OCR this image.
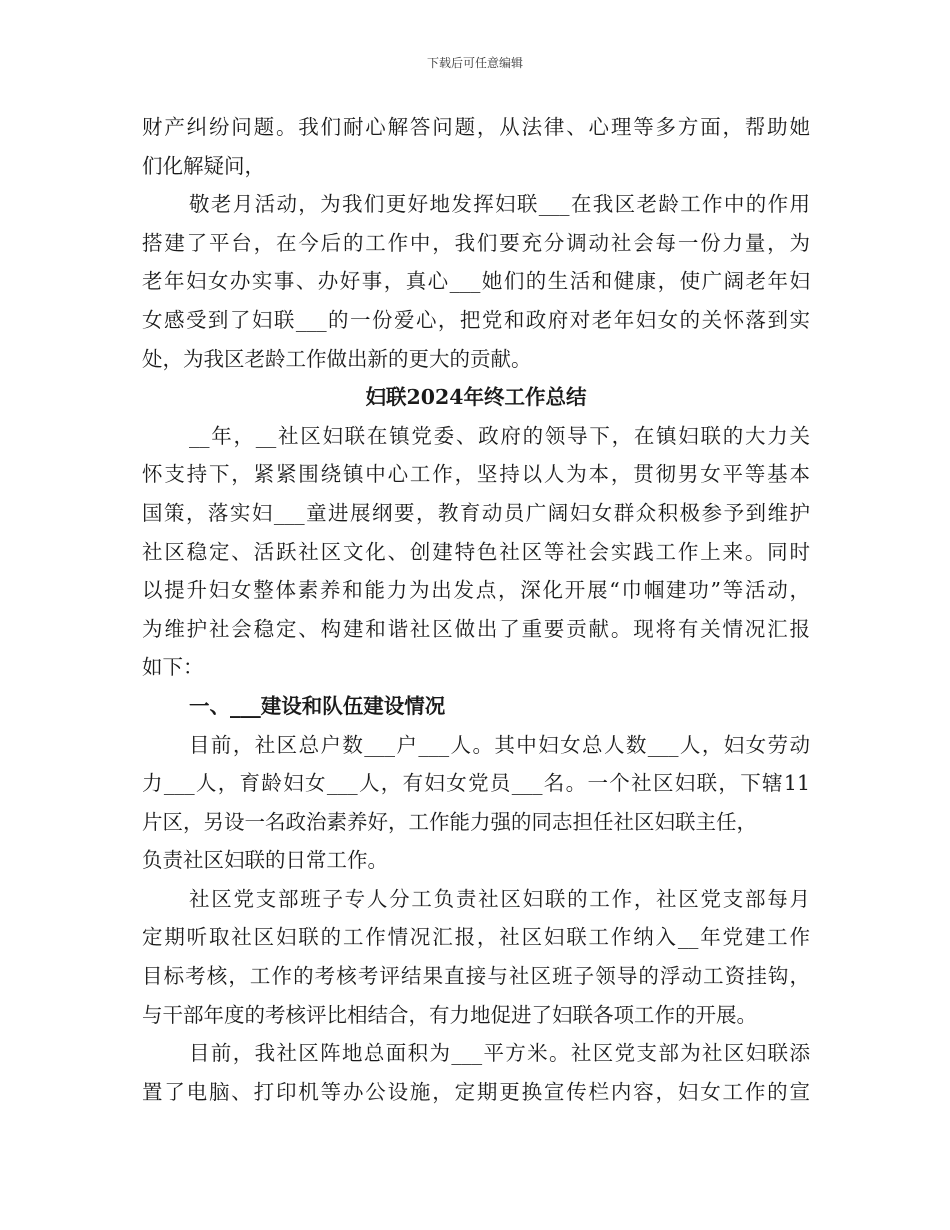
下载后可任意编辑
财产纠纷问题。我们耐心解答问题，从法律、心理等多方面，帮助她
们化解疑问，
敬老月活动，为我们更好地发挥妇联___在我区老龄工作中的作用
搭建了平台，在今后的工作中，我们要充分调动社会每一份力量，为
老年妇女办实事、办好事，真心___她们的生活和健康，使广阔老年妇
女感受到了妇联___的一份爱心，把党和政府对老年妇女的关怀落到实
处，为我区老龄工作做出新的更大的贡献。
妇联2024年终工作总结
__年，__社区妇联在镇党委、政府的领导下，在镇妇联的大力关
怀支持下，紧紧围绕镇中心工作，坚持以人为本，贯彻男女平等基本
国策，落实妇___童进展纲要，教育动员广阔妇女群众积极参予到维护
社区稳定、活跃社区文化、创建特色社区等社会实践工作上来。同时
以提升妇女整体素养和能力为出发点，深化开展“巾帼建功”等活动，
为维护社会稳定、构建和谐社区做出了重要贡献。现将有关情况汇报
如下：
一、___建设和队伍建设情况
目前，社区总户数___户___人。其中妇女总人数___人，妇女劳动
力___人，育龄妇女___人，有妇女党员___名。一个社区妇联，下辖11
片区，另设一名政治素养好，工作能力强的同志担任社区妇联主任，
负责社区妇联的日常工作。
社区党支部班子专人分工负责社区妇联的工作，社区党支部每月
定期听取社区妇联的工作情况汇报，社区妇联工作纳入__年党建工作
目标考核，工作的考核考评结果直接与社区班子领导的浮动工资挂钩，
与干部年度的考核评比相结合，有力地促进了妇联各项工作的开展。
目前，我社区阵地总面积为___平方米。社区党支部为社区妇联添
置了电脑、打印机等办公设施，定期更换宣传栏内容，妇女工作的宣
